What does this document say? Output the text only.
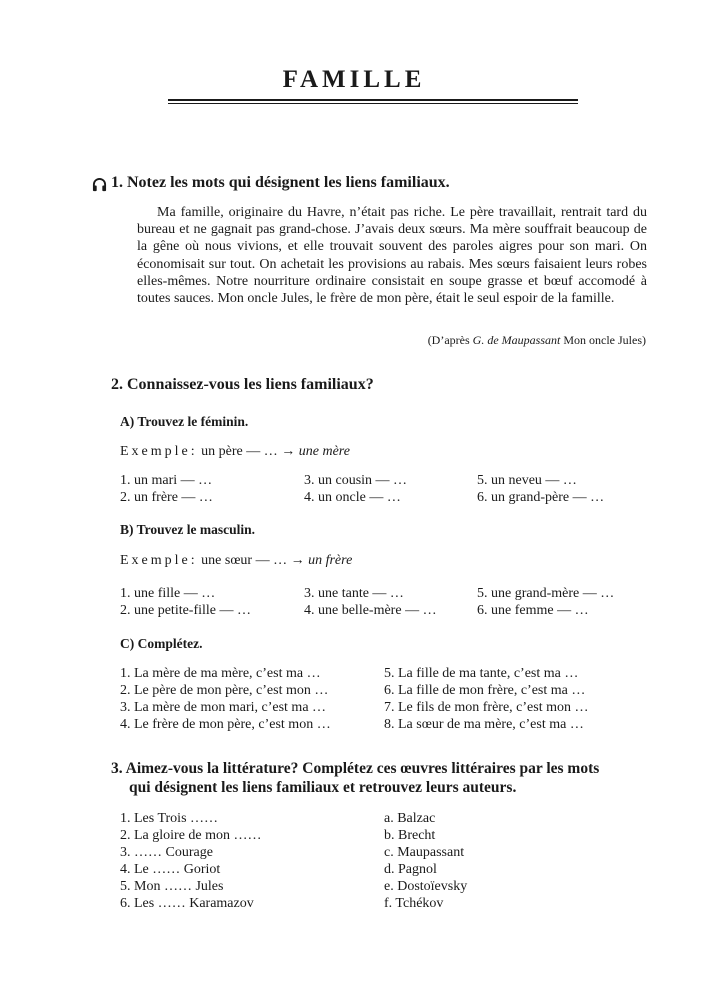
FAMILLE
1. Notez les mots qui désignent les liens familiaux.

Ma famille, originaire du Havre, n’était pas riche. Le père travaillait, rentrait tard du bureau et ne gagnait pas grand-chose. J’avais deux sœurs. Ma mère souffrait beaucoup de la gêne où nous vivions, et elle trouvait souvent des paroles aigres pour son mari. On économisait sur tout. On achetait les provisions au rabais. Mes sœurs faisaient leurs robes elles-mêmes. Notre nourriture ordinaire consistait en soupe grasse et bœuf accomodé à toutes sauces. Mon oncle Jules, le frère de mon père, était le seul espoir de la famille.

(D’après G. de Maupassant Mon oncle Jules)
2. Connaissez-vous les liens familiaux?
A) Trouvez le féminin.
Exemple: un père — … → une mère
1. un mari — …
2. un frère — …
3. un cousin — …
4. un oncle — …
5. un neveu — …
6. un grand-père — …
B) Trouvez le masculin.
Exemple: une sœur — … → un frère
1. une fille — …
2. une petite-fille — …
3. une tante — …
4. une belle-mère — …
5. une grand-mère — …
6. une femme — …
C) Complétez.
1. La mère de ma mère, c’est ma …
2. Le père de mon père, c’est mon …
3. La mère de mon mari, c’est ma …
4. Le frère de mon père, c’est mon …
5. La fille de ma tante, c’est ma …
6. La fille de mon frère, c’est ma …
7. Le fils de mon frère, c’est mon …
8. La sœur de ma mère, c’est ma …
3. Aimez-vous la littérature? Complétez ces œuvres littéraires par les mots
qui désignent les liens familiaux et retrouvez leurs auteurs.
1. Les Trois ……
2. La gloire de mon ……
3. …… Courage
4. Le …… Goriot
5. Mon …… Jules
6. Les …… Karamazov
a. Balzac
b. Brecht
c. Maupassant
d. Pagnol
e. Dostoïevsky
f. Tchékov
